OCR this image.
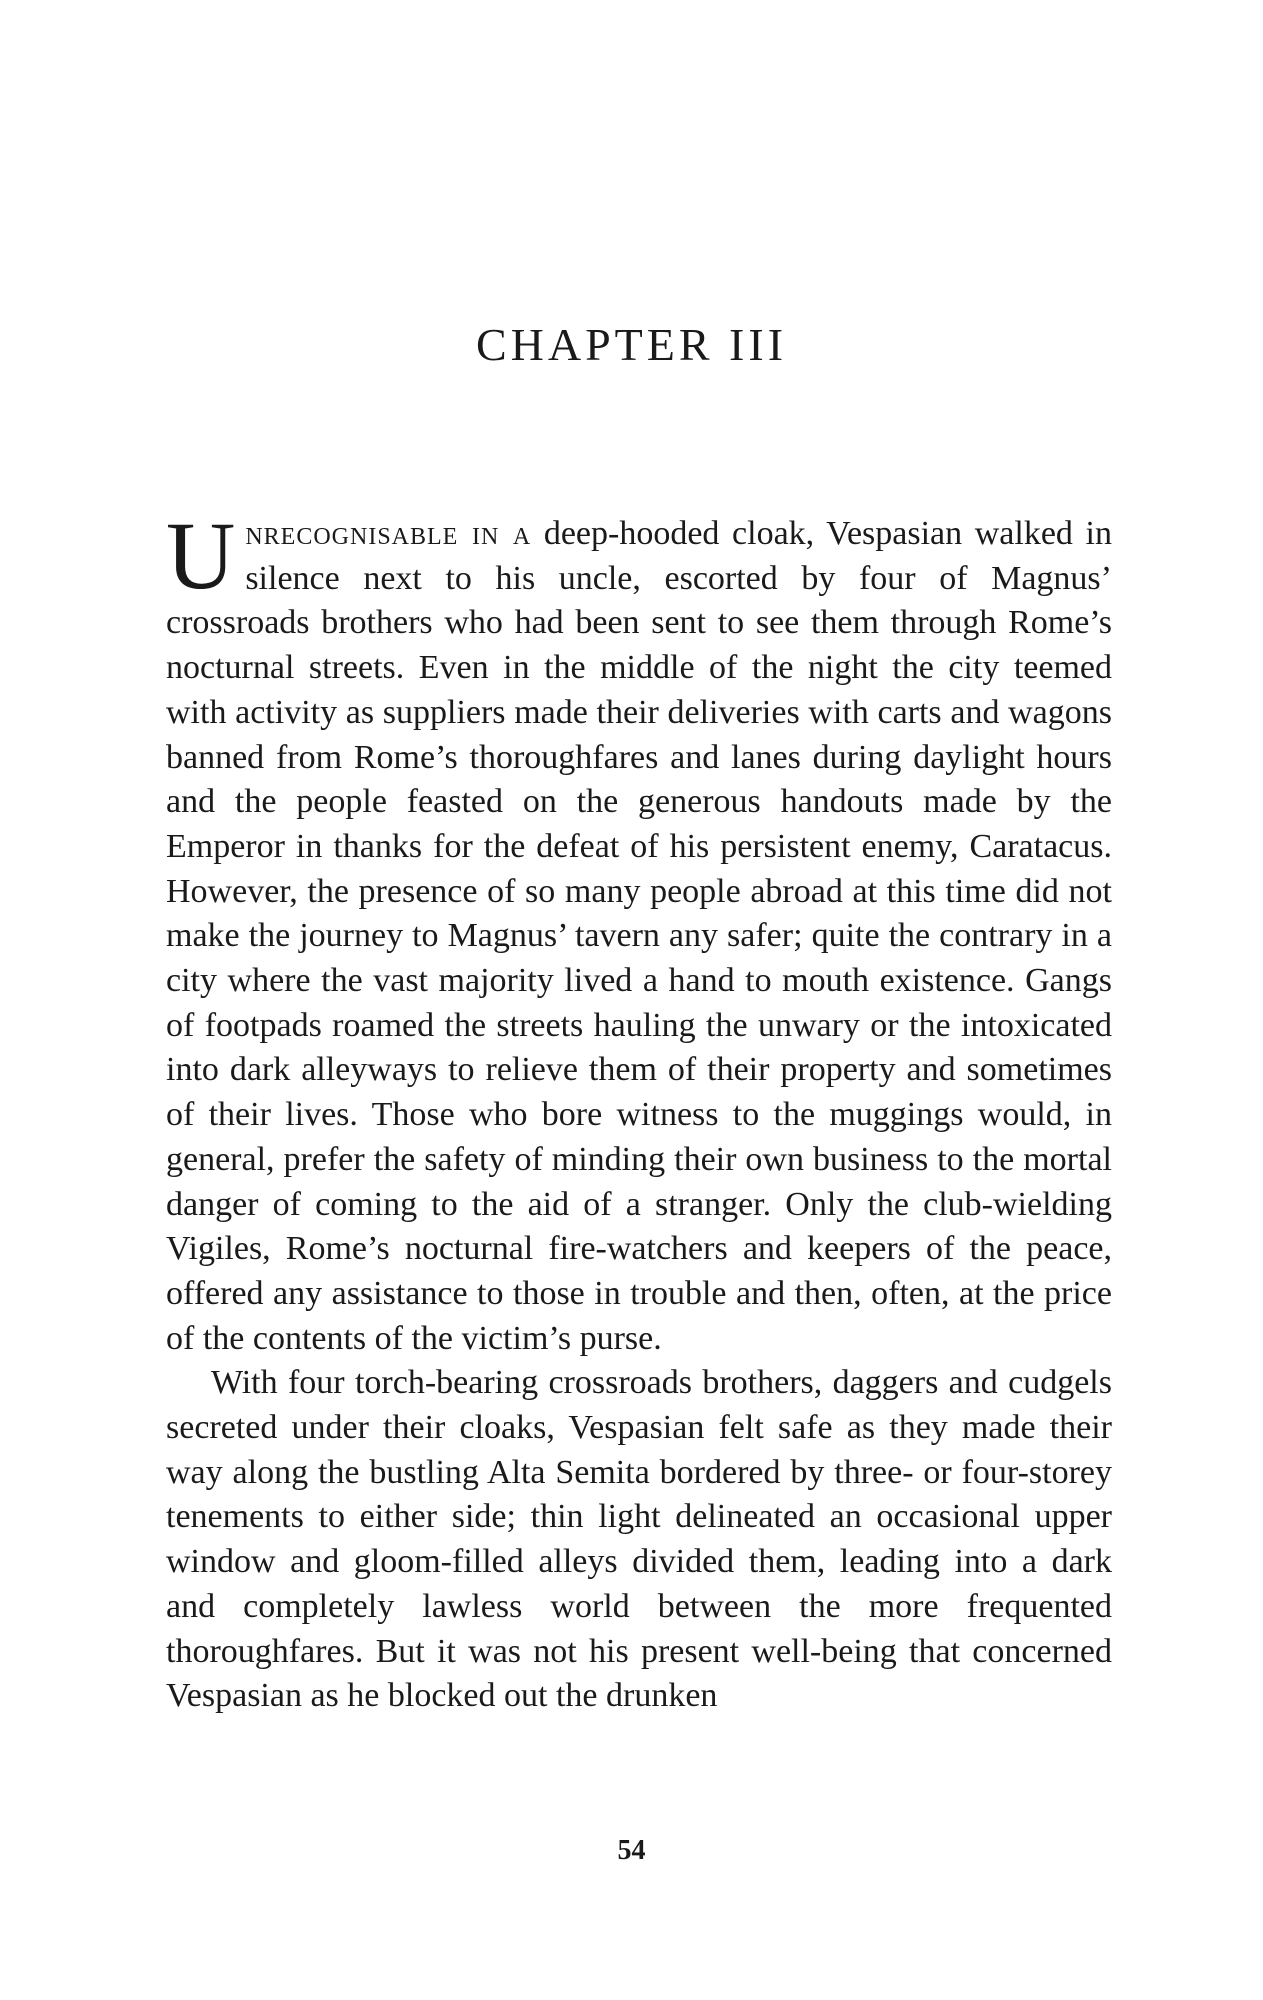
CHAPTER III

Unrecognisable in a deep-hooded cloak, Vespasian walked in silence next to his uncle, escorted by four of Magnus’ crossroads brothers who had been sent to see them through Rome’s nocturnal streets. Even in the middle of the night the city teemed with activity as suppliers made their deliveries with carts and wagons banned from Rome’s thoroughfares and lanes during daylight hours and the people feasted on the generous handouts made by the Emperor in thanks for the defeat of his persistent enemy, Caratacus. However, the presence of so many people abroad at this time did not make the journey to Magnus’ tavern any safer; quite the contrary in a city where the vast majority lived a hand to mouth existence. Gangs of footpads roamed the streets hauling the unwary or the intoxicated into dark alleyways to relieve them of their property and sometimes of their lives. Those who bore witness to the muggings would, in general, prefer the safety of minding their own business to the mortal danger of coming to the aid of a stranger. Only the club-wielding Vigiles, Rome’s nocturnal fire-watchers and keepers of the peace, offered any assistance to those in trouble and then, often, at the price of the contents of the victim’s purse.

With four torch-bearing crossroads brothers, daggers and cudgels secreted under their cloaks, Vespasian felt safe as they made their way along the bustling Alta Semita bordered by three- or four-storey tenements to either side; thin light delineated an occasional upper window and gloom-filled alleys divided them, leading into a dark and completely lawless world between the more frequented thoroughfares. But it was not his present well-being that concerned Vespasian as he blocked out the drunken

54
